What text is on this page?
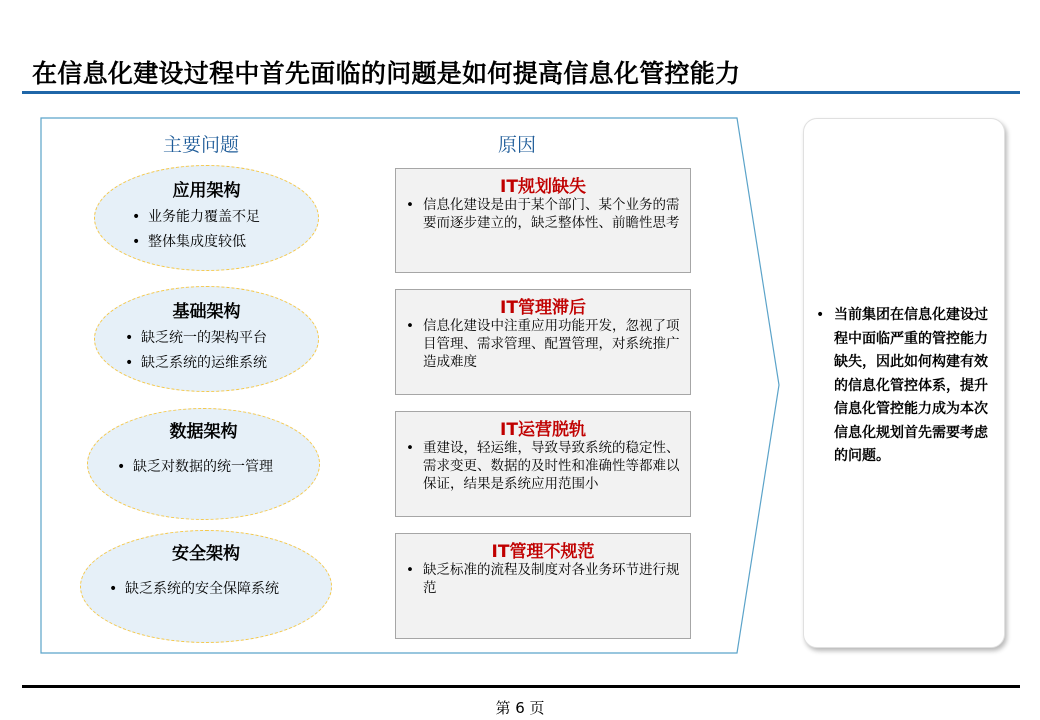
在信息化建设过程中首先面临的问题是如何提高信息化管控能力
主要问题	原因
应用架构
• 业务能力覆盖不足
• 整体集成度较低
基础架构
• 缺乏统一的架构平台
• 缺乏系统的运维系统
数据架构
• 缺乏对数据的统一管理
安全架构
• 缺乏系统的安全保障系统
IT规划缺失
• 信息化建设是由于某个部门、某个业务的需要而逐步建立的，缺乏整体性、前瞻性思考
IT管理滞后
• 信息化建设中注重应用功能开发，忽视了项目管理、需求管理、配置管理，对系统推广造成难度
IT运营脱轨
• 重建设，轻运维，导致导致系统的稳定性、需求变更、数据的及时性和准确性等都难以保证，结果是系统应用范围小
IT管理不规范
• 缺乏标准的流程及制度对各业务环节进行规范
• 当前集团在信息化建设过程中面临严重的管控能力缺失，因此如何构建有效的信息化管控体系，提升信息化管控能力成为本次信息化规划首先需要考虑的问题。
第 6 页
